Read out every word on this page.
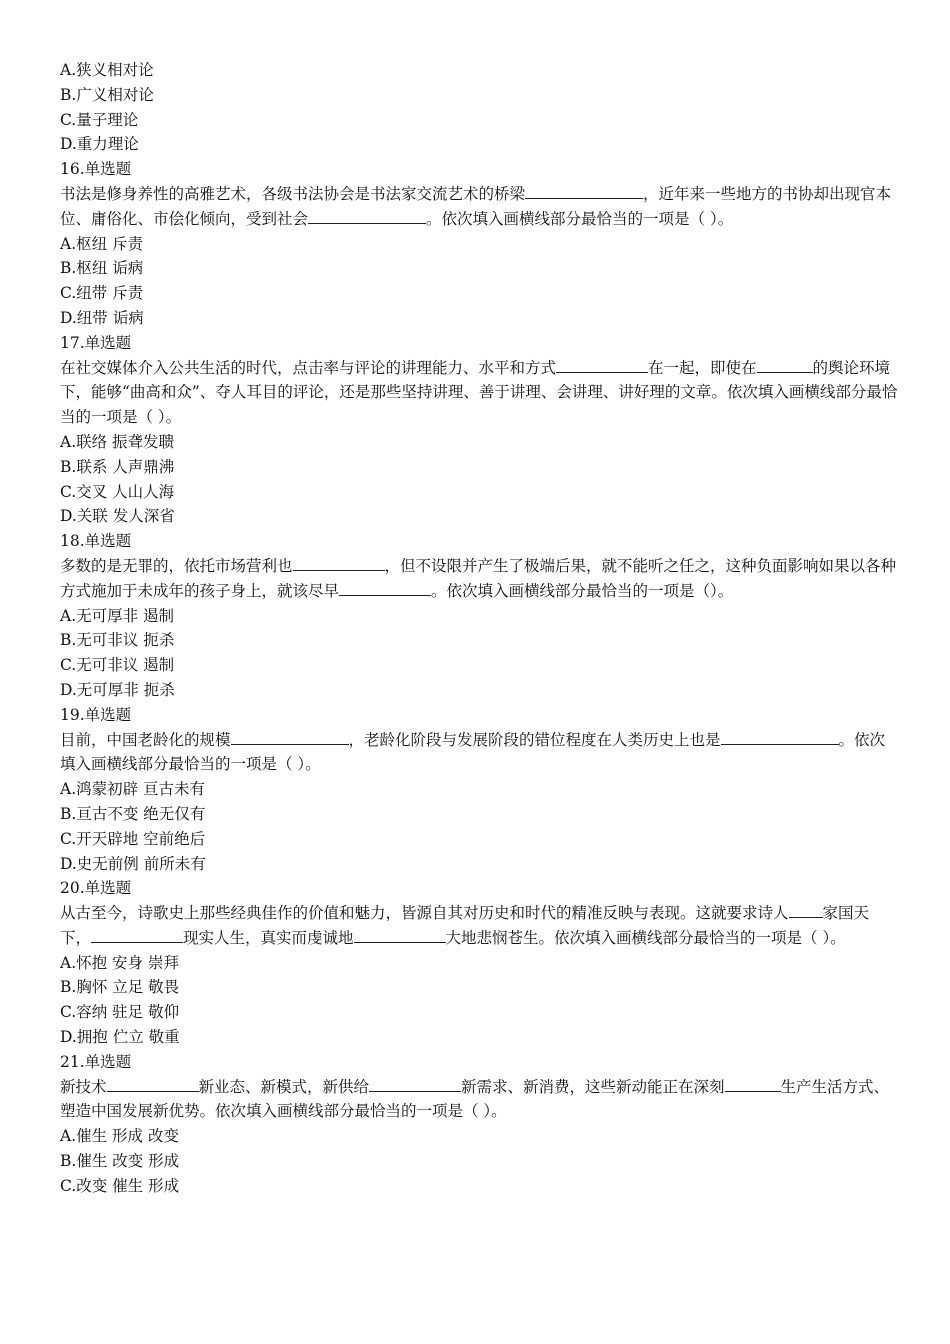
A.狭义相对论
B.广义相对论
C.量子理论
D.重力理论
16.单选题
书法是修身养性的高雅艺术，各级书法协会是书法家交流艺术的桥梁	，近年来一些地方的书协却出现官本位、庸俗化、市侩化倾向，受到社会	。依次填入画横线部分最恰当的一项是（ ）。
A.枢纽 斥责
B.枢纽 诟病
C.纽带 斥责
D.纽带 诟病
17.单选题
在社交媒体介入公共生活的时代，点击率与评论的讲理能力、水平和方式	在一起，即使在	的舆论环境下，能够“曲高和众”、夺人耳目的评论，还是那些坚持讲理、善于讲理、会讲理、讲好理的文章。依次填入画横线部分最恰当的一项是（ ）。
A.联络 振聋发聩
B.联系 人声鼎沸
C.交叉 人山人海
D.关联 发人深省
18.单选题
多数的是无罪的，依托市场营利也	，但不设限并产生了极端后果，就不能听之任之，这种负面影响如果以各种方式施加于未成年的孩子身上，就该尽早	。依次填入画横线部分最恰当的一项是（）。
A.无可厚非 遏制
B.无可非议 扼杀
C.无可非议 遏制
D.无可厚非 扼杀
19.单选题
目前，中国老龄化的规模	，老龄化阶段与发展阶段的错位程度在人类历史上也是	。依次填入画横线部分最恰当的一项是（ ）。
A.鸿蒙初辟 亘古未有
B.亘古不变 绝无仅有
C.开天辟地 空前绝后
D.史无前例 前所未有
20.单选题
从古至今，诗歌史上那些经典佳作的价值和魅力，皆源自其对历史和时代的精准反映与表现。这就要求诗人 家国天下，	现实人生，真实而虔诚地	大地悲悯苍生。依次填入画横线部分最恰当的一项是（ ）。
A.怀抱 安身 崇拜
B.胸怀 立足 敬畏
C.容纳 驻足 敬仰
D.拥抱 伫立 敬重
21.单选题
新技术	新业态、新模式，新供给	新需求、新消费，这些新动能正在深刻	生产生活方式、塑造中国发展新优势。依次填入画横线部分最恰当的一项是（ ）。
A.催生 形成 改变
B.催生 改变 形成
C.改变 催生 形成
